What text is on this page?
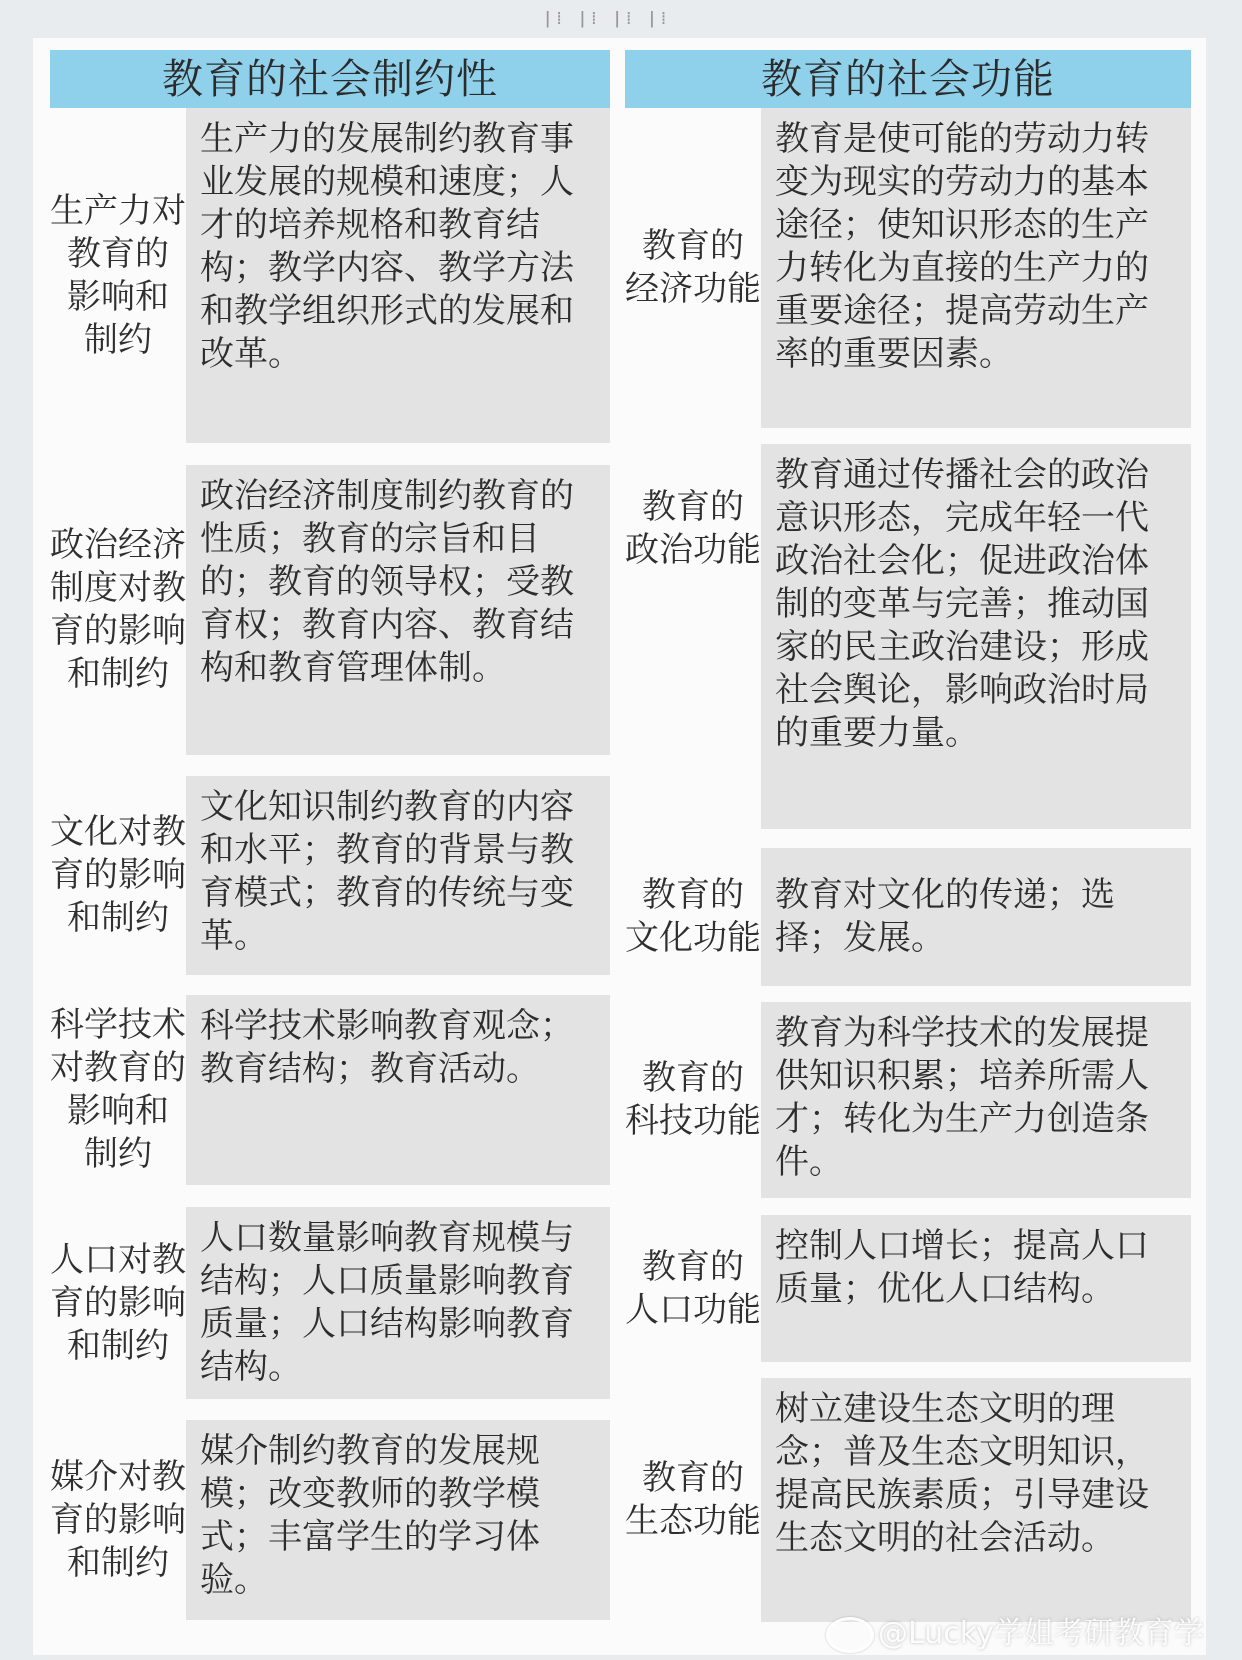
ǀ⁞ ǀ⁞ ǀ⁞ ǀ⁞
教育的社会制约性
生产力对
教育的
影响和
制约
生产力的发展制约教育事业发展的规模和速度；人才的培养规格和教育结构；教学内容、教学方法和教学组织形式的发展和改革。
政治经济
制度对教
育的影响
和制约
政治经济制度制约教育的性质；教育的宗旨和目的；教育的领导权；受教育权；教育内容、教育结构和教育管理体制。
文化对教
育的影响
和制约
文化知识制约教育的内容和水平；教育的背景与教育模式；教育的传统与变革。
科学技术
对教育的
影响和
制约
科学技术影响教育观念；教育结构；教育活动。
人口对教
育的影响
和制约
人口数量影响教育规模与结构；人口质量影响教育质量；人口结构影响教育结构。
媒介对教
育的影响
和制约
媒介制约教育的发展规模；改变教师的教学模式；丰富学生的学习体验。
教育的社会功能
教育的
经济功能
教育是使可能的劳动力转变为现实的劳动力的基本途径；使知识形态的生产力转化为直接的生产力的重要途径；提高劳动生产率的重要因素。
教育的
政治功能
教育通过传播社会的政治意识形态，完成年轻一代政治社会化；促进政治体制的变革与完善；推动国家的民主政治建设；形成社会舆论，影响政治时局的重要力量。
教育的
文化功能
教育对文化的传递；选择；发展。
教育的
科技功能
教育为科学技术的发展提供知识积累；培养所需人才；转化为生产力创造条件。
教育的
人口功能
控制人口增长；提高人口质量；优化人口结构。
教育的
生态功能
树立建设生态文明的理念；普及生态文明知识，提高民族素质；引导建设生态文明的社会活动。
@Lucky学姐考研教育学
